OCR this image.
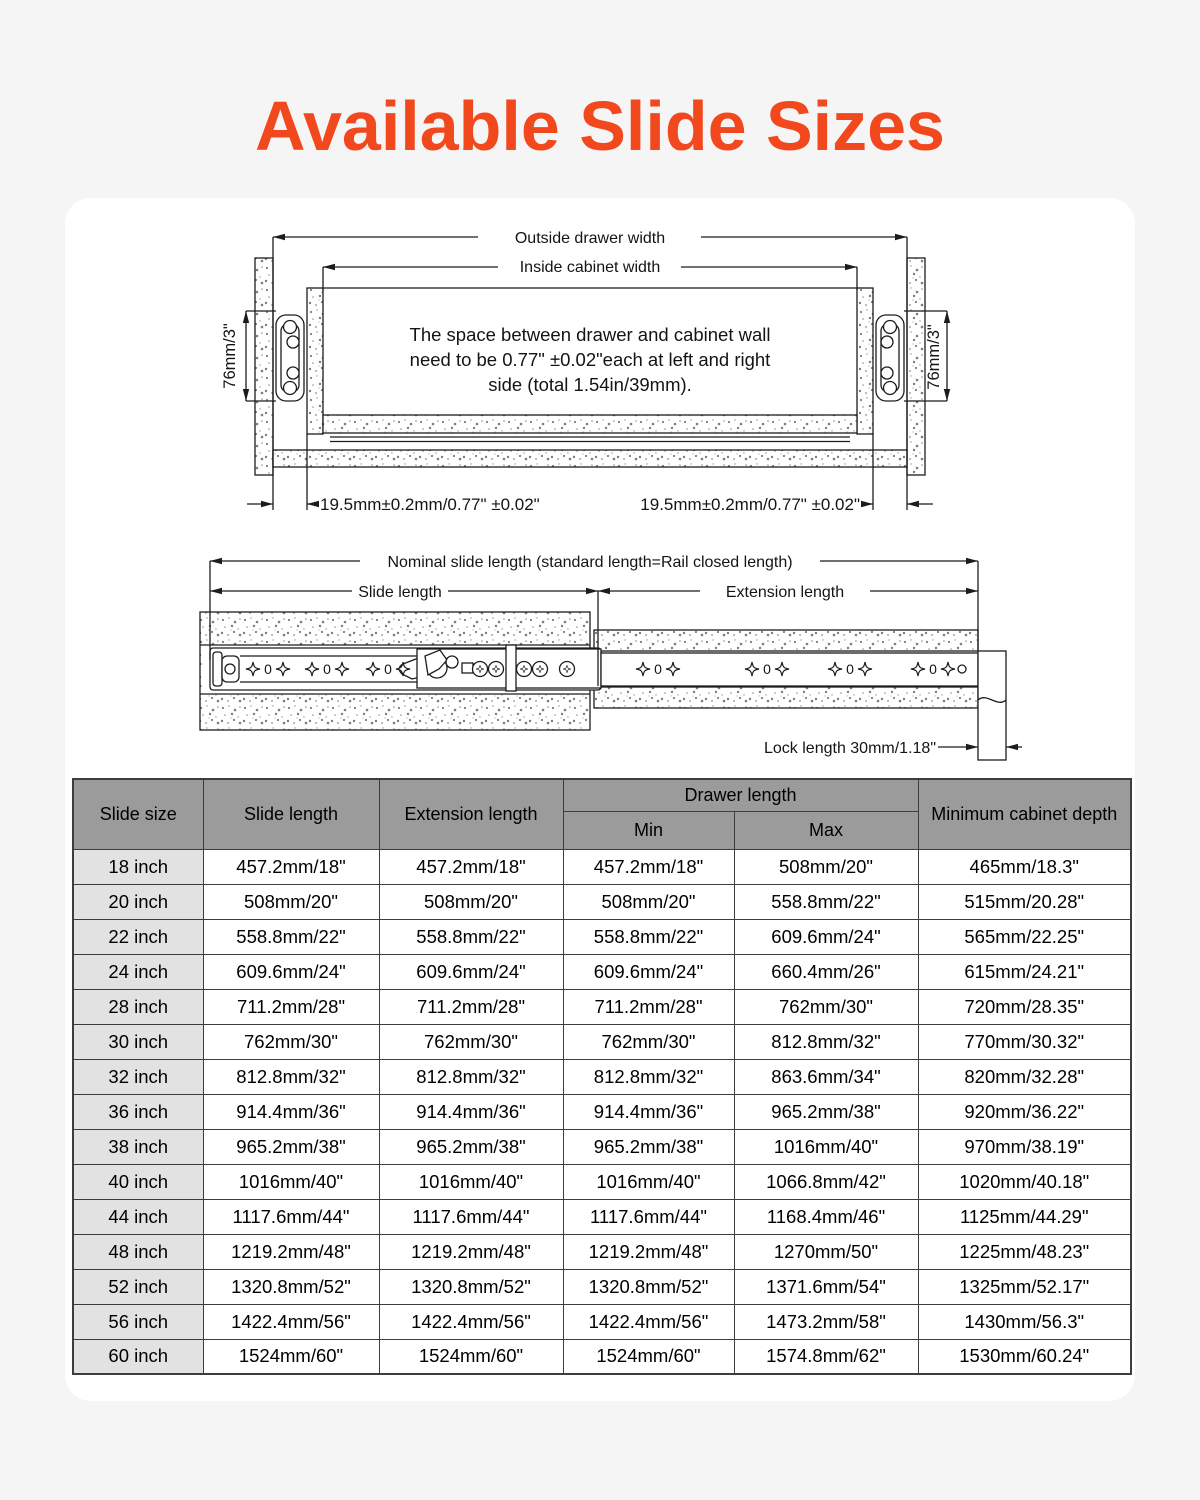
Available Slide Sizes
Outside drawer width
Inside cabinet width
The space between drawer and cabinet wall
need to be 0.77" ±0.02"each at left and right
side (total 1.54in/39mm).
76mm/3"	76mm/3"
19.5mm±0.2mm/0.77" ±0.02"	19.5mm±0.2mm/0.77" ±0.02"
Nominal slide length (standard length=Rail closed length)
Slide length	Extension length
Lock length 30mm/1.18"
0	0	0	0	0	0	0
Slide size	Slide length	Extension length	Drawer length		Minimum cabinet depth
			Min	Max	
18 inch	457.2mm/18"	457.2mm/18"	457.2mm/18"	508mm/20"	465mm/18.3"
20 inch	508mm/20"	508mm/20"	508mm/20"	558.8mm/22"	515mm/20.28"
22 inch	558.8mm/22"	558.8mm/22"	558.8mm/22"	609.6mm/24"	565mm/22.25"
24 inch	609.6mm/24"	609.6mm/24"	609.6mm/24"	660.4mm/26"	615mm/24.21"
28 inch	711.2mm/28"	711.2mm/28"	711.2mm/28"	762mm/30"	720mm/28.35"
30 inch	762mm/30"	762mm/30"	762mm/30"	812.8mm/32"	770mm/30.32"
32 inch	812.8mm/32"	812.8mm/32"	812.8mm/32"	863.6mm/34"	820mm/32.28"
36 inch	914.4mm/36"	914.4mm/36"	914.4mm/36"	965.2mm/38"	920mm/36.22"
38 inch	965.2mm/38"	965.2mm/38"	965.2mm/38"	1016mm/40"	970mm/38.19"
40 inch	1016mm/40"	1016mm/40"	1016mm/40"	1066.8mm/42"	1020mm/40.18"
44 inch	1117.6mm/44"	1117.6mm/44"	1117.6mm/44"	1168.4mm/46"	1125mm/44.29"
48 inch	1219.2mm/48"	1219.2mm/48"	1219.2mm/48"	1270mm/50"	1225mm/48.23"
52 inch	1320.8mm/52"	1320.8mm/52"	1320.8mm/52"	1371.6mm/54"	1325mm/52.17"
56 inch	1422.4mm/56"	1422.4mm/56"	1422.4mm/56"	1473.2mm/58"	1430mm/56.3"
60 inch	1524mm/60"	1524mm/60"	1524mm/60"	1574.8mm/62"	1530mm/60.24"
